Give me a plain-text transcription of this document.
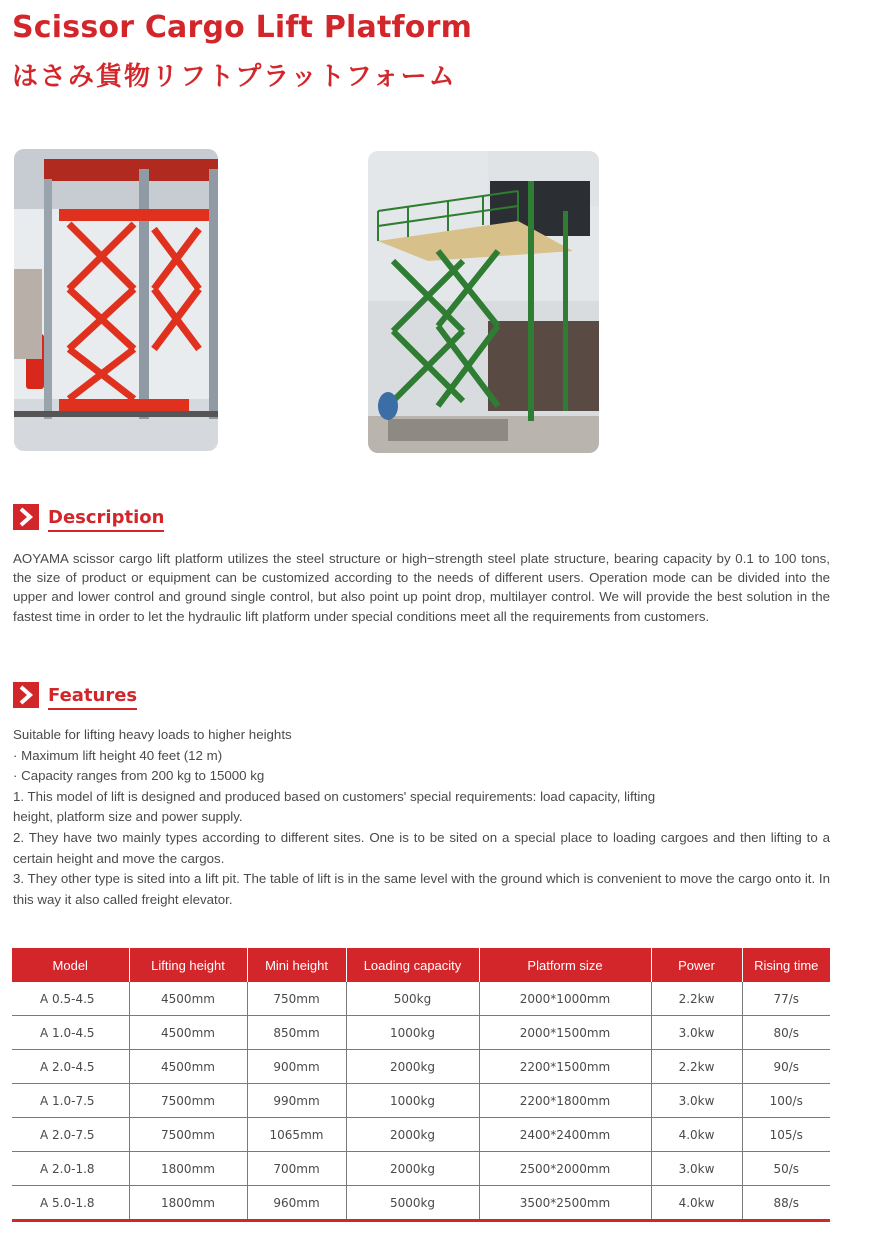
Scissor Cargo Lift Platform
はさみ貨物リフトプラットフォーム
Description
AOYAMA scissor cargo lift platform utilizes the steel structure or high−strength steel plate structure, bearing capacity by 0.1 to 100 tons, the size of product or equipment can be customized according to the needs of different users. Operation mode can be divided into the upper and lower control and ground single control, but also point up point drop, multilayer control. We will provide the best solution in the fastest time in order to let the hydraulic lift platform under special conditions meet all the requirements from customers.
Features
Suitable for lifting heavy loads to higher heights
· Maximum lift height 40 feet (12 m)
· Capacity ranges from 200 kg to 15000 kg
1. This model of lift is designed and produced based on customers' special requirements: load capacity, lifting
height, platform size and power supply.
2. They have two mainly types according to different sites. One is to be sited on a special place to loading cargoes and then lifting to a certain height and move the cargos.
3. They other type is sited into a lift pit. The table of lift is in the same level with the ground which is convenient to move the cargo onto it. In this way it also called freight elevator.
Model	Lifting height	Mini height	Loading capacity	Platform size	Power	Rising time
A 0.5-4.5	4500mm	750mm	500kg	2000*1000mm	2.2kw	77/s
A 1.0-4.5	4500mm	850mm	1000kg	2000*1500mm	3.0kw	80/s
A 2.0-4.5	4500mm	900mm	2000kg	2200*1500mm	2.2kw	90/s
A 1.0-7.5	7500mm	990mm	1000kg	2200*1800mm	3.0kw	100/s
A 2.0-7.5	7500mm	1065mm	2000kg	2400*2400mm	4.0kw	105/s
A 2.0-1.8	1800mm	700mm	2000kg	2500*2000mm	3.0kw	50/s
A 5.0-1.8	1800mm	960mm	5000kg	3500*2500mm	4.0kw	88/s
